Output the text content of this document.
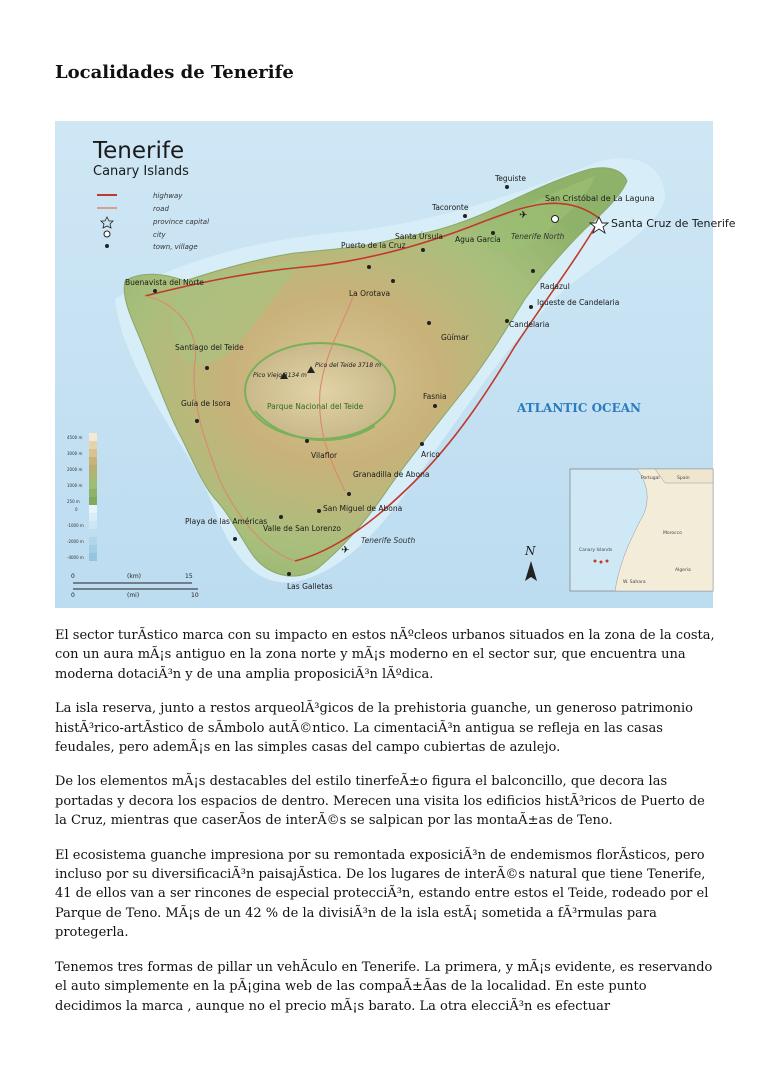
Localidades de Tenerife
Tenerife
Canary Islands
highway
road
province capital
city
town, village
Teguiste
San Cristóbal de La Laguna
Santa Cruz de Tenerife
Tacoronte
Santa Úrsula Agua García
✈
Tenerife North
Puerto de la Cruz
La Orotava
Buenavista del Norte	Radazul
Igueste de Candelaria
Candelaria
Santiago del Teide
Pico Viejo 3134 m
Pico del Teide 3718 m
Parque Nacional del Teide
Güímar
Guía de Isora
Fasnia
Vilaflor	Arico
Granadilla de Abona
San Miguel de Abona
Playa de las Américas
Valle de San Lorenzo
✈
Tenerife South
Las Galletas
ATLANTIC OCEAN
4500 m
3000 m
2000 m
1000 m
250 m
0
-1000 m
-2000 m
-4000 m
0	(km)	15
0	(mi)	10
N
Morocco
Algeria
Canary Islands
W. Sahara
Spain
Portugal

El sector turÃstico marca con su impacto en estos nÃºcleos urbanos situados en la zona de la costa, con un aura mÃ¡s antiguo en la zona norte y mÃ¡s moderno en el sector sur, que encuentra una moderna dotaciÃ³n y de una amplia proposiciÃ³n lÃºdica.

La isla reserva, junto a restos arqueolÃ³gicos de la prehistoria guanche, un generoso patrimonio histÃ³rico-artÃstico de sÃmbolo autÃ©ntico. La cimentaciÃ³n antigua se refleja en las casas feudales, pero ademÃ¡s en las simples casas del campo cubiertas de azulejo.

De los elementos mÃ¡s destacables del estilo tinerfeÃ±o figura el balconcillo, que decora las portadas y decora los espacios de dentro. Merecen una visita los edificios histÃ³ricos de Puerto de la Cruz, mientras que caserÃos de interÃ©s se salpican por las montaÃ±as de Teno.

El ecosistema guanche impresiona por su remontada exposiciÃ³n de endemismos florÃsticos, pero incluso por su diversificaciÃ³n paisajÃstica. De los lugares de interÃ©s natural que tiene Tenerife, 41 de ellos van a ser rincones de especial protecciÃ³n, estando entre estos el Teide, rodeado por el Parque de Teno. MÃ¡s de un 42 % de la divisiÃ³n de la isla estÃ¡ sometida a fÃ³rmulas para protegerla.

Tenemos tres formas de pillar un vehÃculo en Tenerife. La primera, y mÃ¡s evidente, es reservando el auto simplemente en la pÃ¡gina web de las compaÃ±Ãas de la localidad. En este punto decidimos la marca , aunque no el precio mÃ¡s barato. La otra elecciÃ³n es efectuar
